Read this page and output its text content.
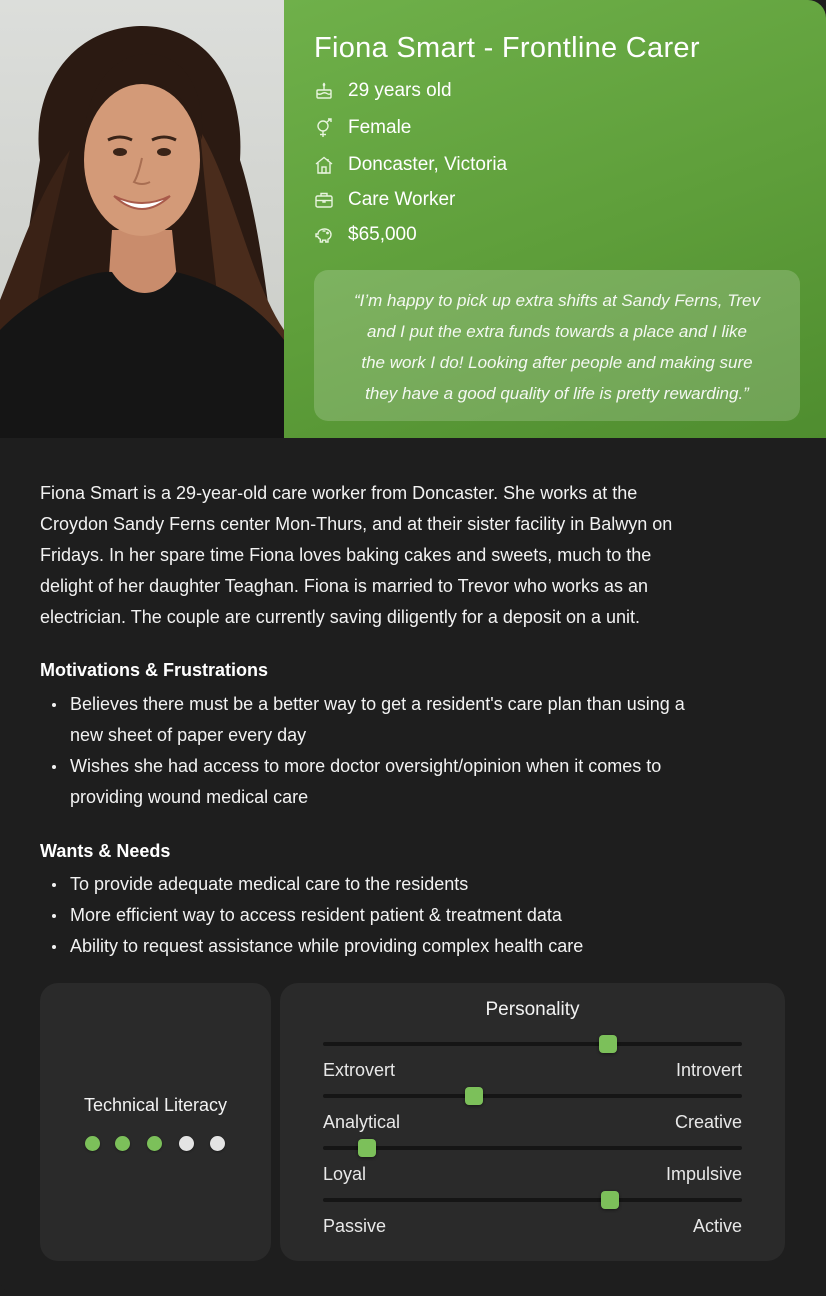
Fiona Smart - Frontline Carer
29 years old
Female
Doncaster, Victoria
Care Worker
$65,000
“I’m happy to pick up extra shifts at Sandy Ferns, Trev
and I put the extra funds towards a place and I like
the work I do! Looking after people and making sure
they have a good quality of life is pretty rewarding.”
Fiona Smart is a 29-year-old care worker from Doncaster. She works at the
Croydon Sandy Ferns center Mon-Thurs, and at their sister facility in Balwyn on
Fridays. In her spare time Fiona loves baking cakes and sweets, much to the
delight of her daughter Teaghan. Fiona is married to Trevor who works as an
electrician. The couple are currently saving diligently for a deposit on a unit.
Motivations & Frustrations
Believes there must be a better way to get a resident's care plan than using a
new sheet of paper every day
Wishes she had access to more doctor oversight/opinion when it comes to
providing wound medical care
Wants & Needs
To provide adequate medical care to the residents
More efficient way to access resident patient & treatment data
Ability to request assistance while providing complex health care
Technical Literacy
Personality
Extrovert	Introvert
Analytical	Creative
Loyal	Impulsive
Passive	Active
